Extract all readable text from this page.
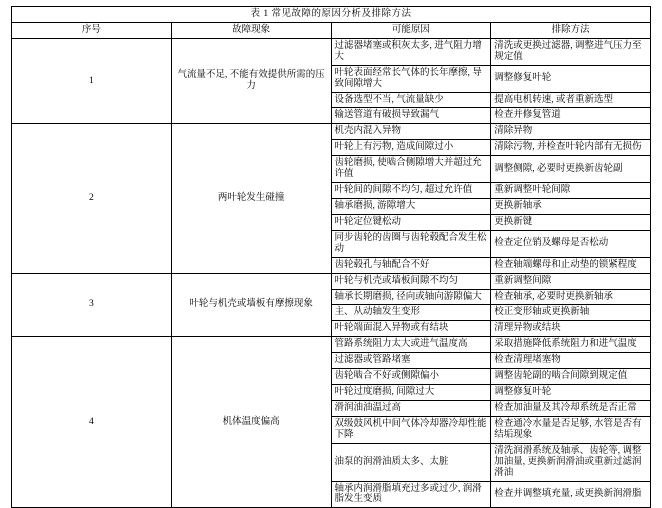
表 1 常见故障的原因分析及排除方法			
序号	故障现象	可能原因	排除方法
1	气流量不足, 不能有效提供所需的压力	过滤器堵塞或积灰太多, 进气阻力增大	清洗或更换过滤器, 调整进气压力至规定值
		叶轮表面经常长气体的长年摩擦, 导致间隙增大	调整修复叶轮
		设备选型不当, 气流量缺少	提高电机转速, 或者重新选型
		输送管道有破损导致漏气	检查并修复管道
2	两叶轮发生碰撞	机壳内混入异物	清除异物
		叶轮上有污物, 造成间隙过小	清除污物, 并检查叶轮内部有无损伤
		齿轮磨损, 使啮合侧隙增大并超过允许值	调整侧隙, 必要时更换新齿轮副
		叶轮间的间隙不均匀, 超过允许值	重新调整叶轮间隙
		轴承磨损, 游隙增大	更换新轴承
		叶轮定位键松动	更换新键
		同步齿轮的齿圈与齿轮毂配合发生松动	检查定位销及螺母是否松动
		齿轮毂孔与轴配合不好	检查轴端螺母和止动垫的锁紧程度
3	叶轮与机壳或墙板有摩擦现象	叶轮与机壳或墙板间隙不均匀	重新调整间隙
		轴承长期磨损, 径向或轴向游隙偏大	检查轴承, 必要时更换新轴承
		主、从动轴发生变形	校正变形轴或更换新轴
		叶轮端面混入异物或有结块	清理异物或结块
4	机体温度偏高	管路系统阻力太大或进气温度高	采取措施降低系统阻力和进气温度
		过滤器或管路堵塞	检查清理堵塞物
		齿轮啮合不好或侧隙偏小	调整齿轮副的啮合间隙到规定值
		叶轮过度磨损, 间隙过大	调整修复叶轮
		滑润油油温过高	检查加油量及其冷却系统是否正常
		双级鼓风机中间气体冷却器冷却性能下降	检查通冷水量是否足够, 水管是否有结垢现象
		油泵的润滑油质太多、太脏	清洗润滑系统及轴承、齿轮等, 调整加油量, 更换新润滑油或重新过滤润滑油
		轴承内润滑脂填充过多或过少, 润滑脂发生变质	检查并调整填充量, 或更换新润滑脂
